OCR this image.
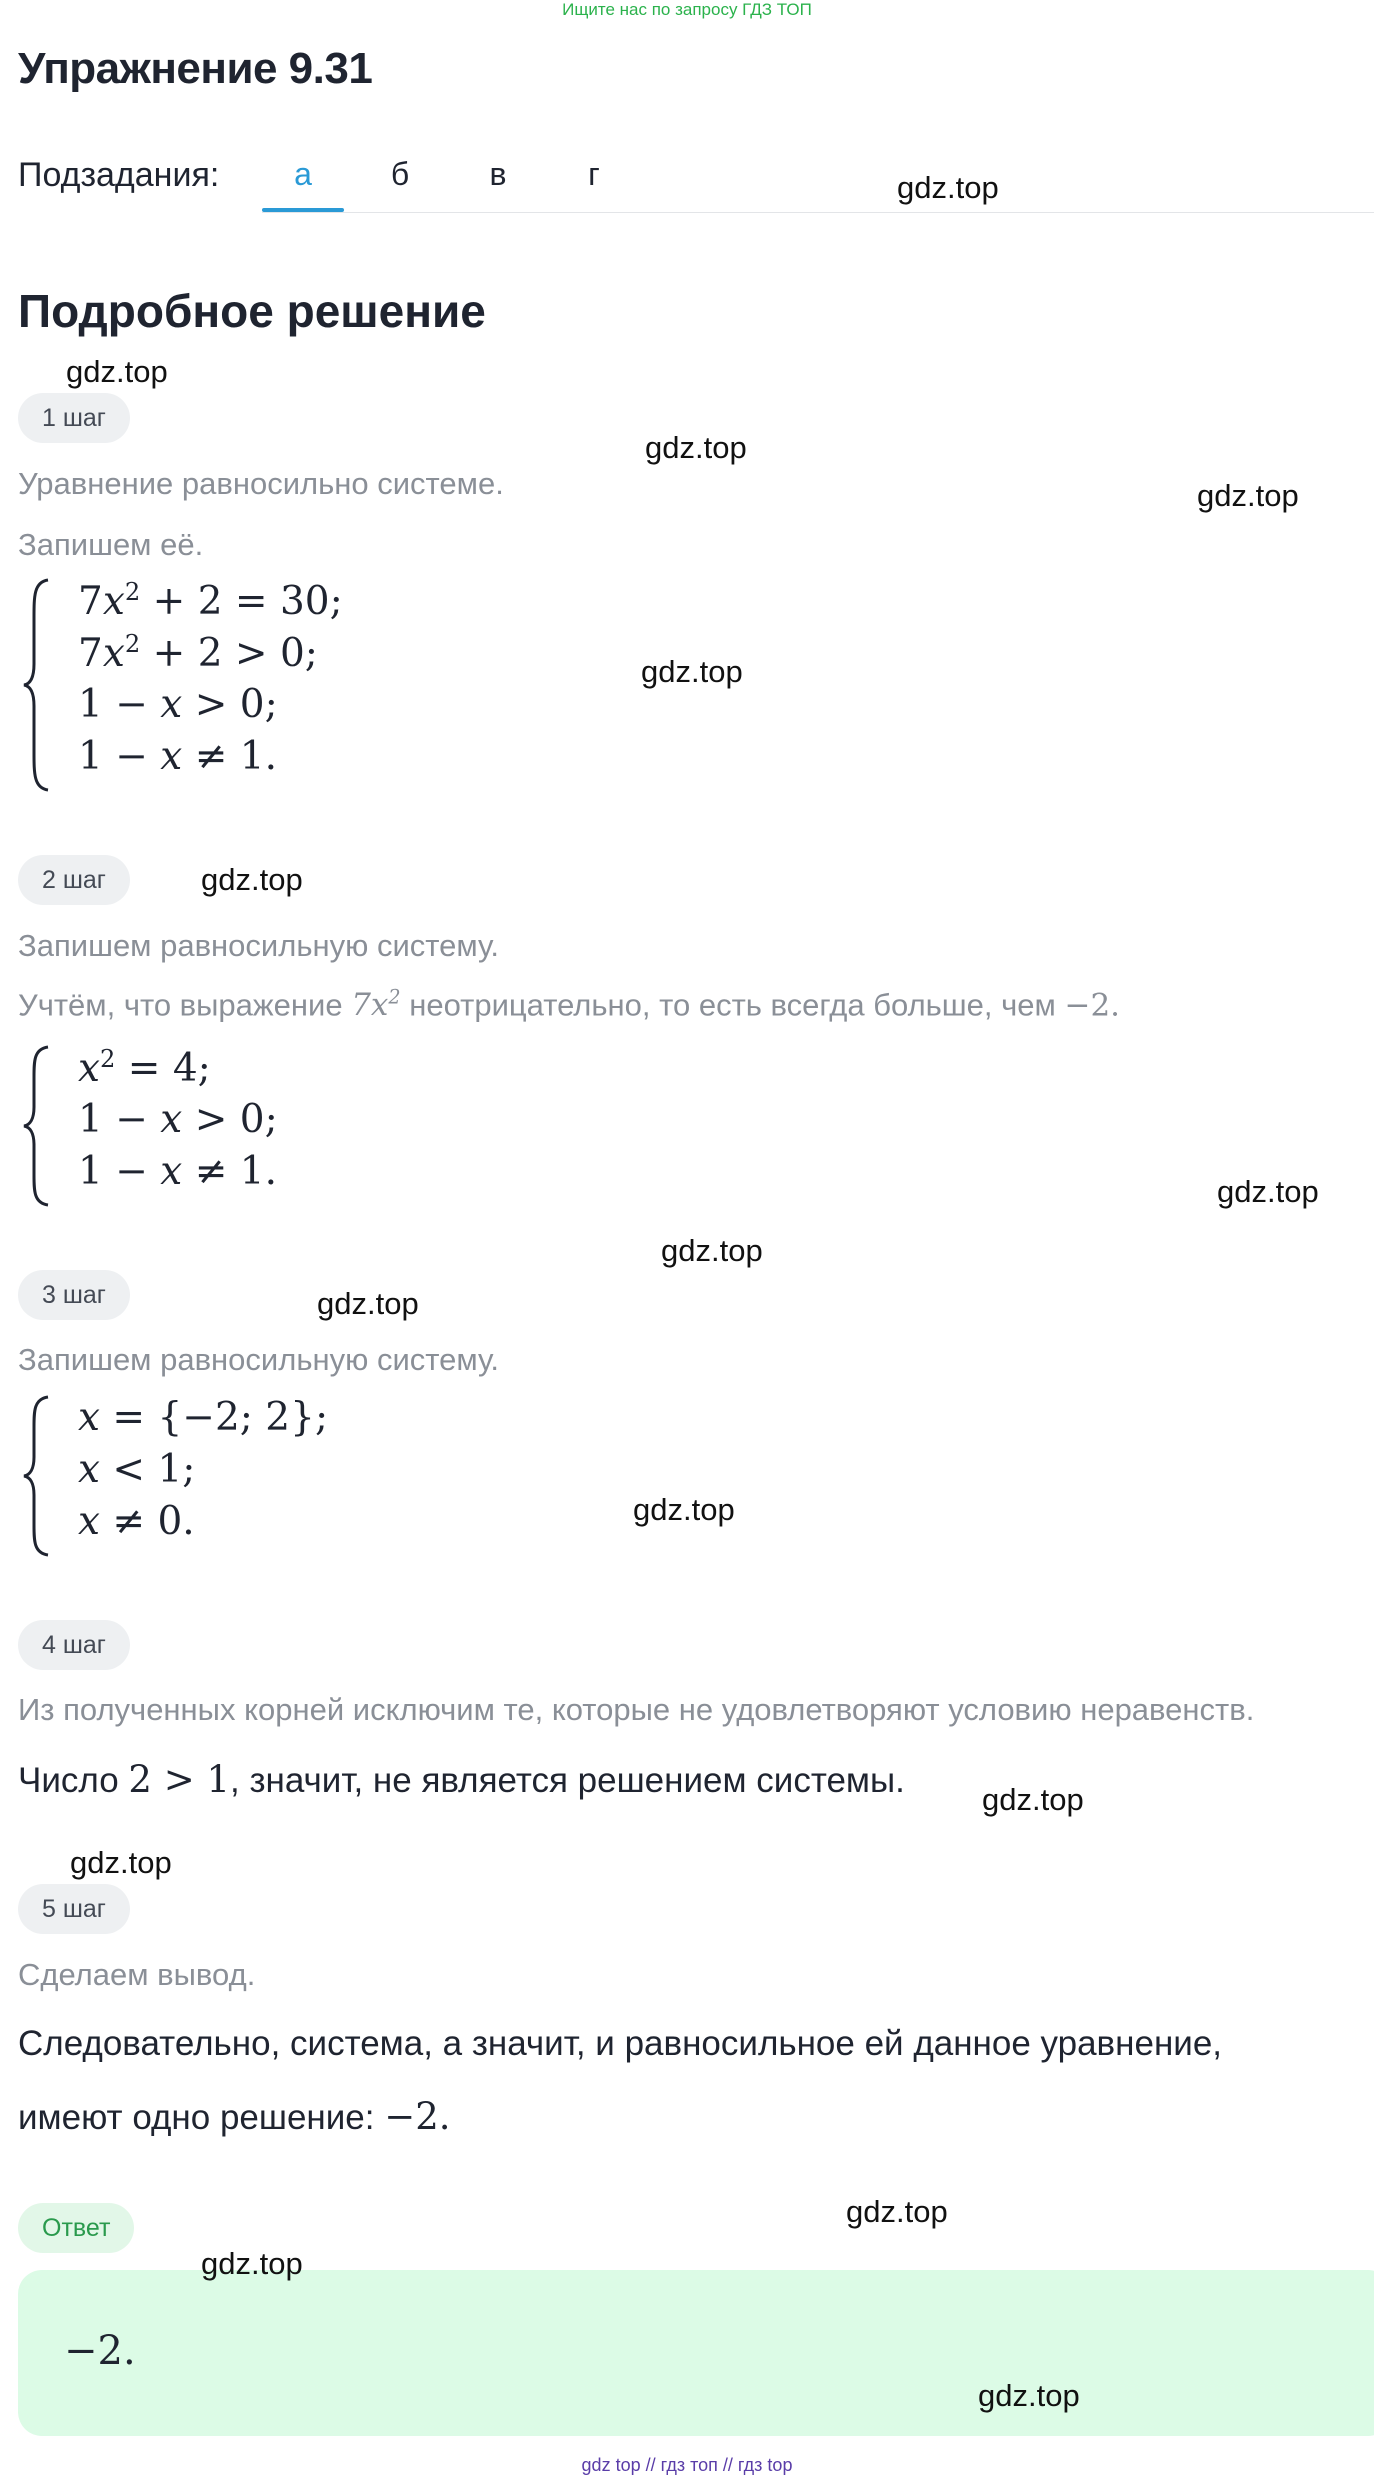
Ищите нас по запросу ГДЗ ТОП
Упражнение 9.31
Подзадания:	а	б	в	г
Подробное решение
1 шаг
Уравнение равносильно системе.
Запишем её.
$7x^2 + 2 = 30$;
$7x^2 + 2 > 0$;
1 − x > 0;
1 − x ≠ 1.
2 шаг
Запишем равносильную систему.
Учтём, что выражение $7x^2$ неотрицательно, то есть всегда больше, чем −2.
$x^2 = 4$;
1 − x > 0;
1 − x ≠ 1.
3 шаг
Запишем равносильную систему.
x = {−2; 2};
x < 1;
x ≠ 0.
4 шаг
Из полученных корней исключим те, которые не удовлетворяют условию неравенств.
Число 2 > 1, значит, не является решением системы.
5 шаг
Сделаем вывод.
Следовательно, система, а значит, и равносильное ей данное уравнение,
имеют одно решение: −2.
Ответ
−2.
gdz.top
gdz.top
gdz.top
gdz.top
gdz.top
gdz.top
gdz.top
gdz.top
gdz.top
gdz.top
gdz.top
gdz.top
gdz.top
gdz.top
gdz.top
gdz top // гдз топ // гдз top
